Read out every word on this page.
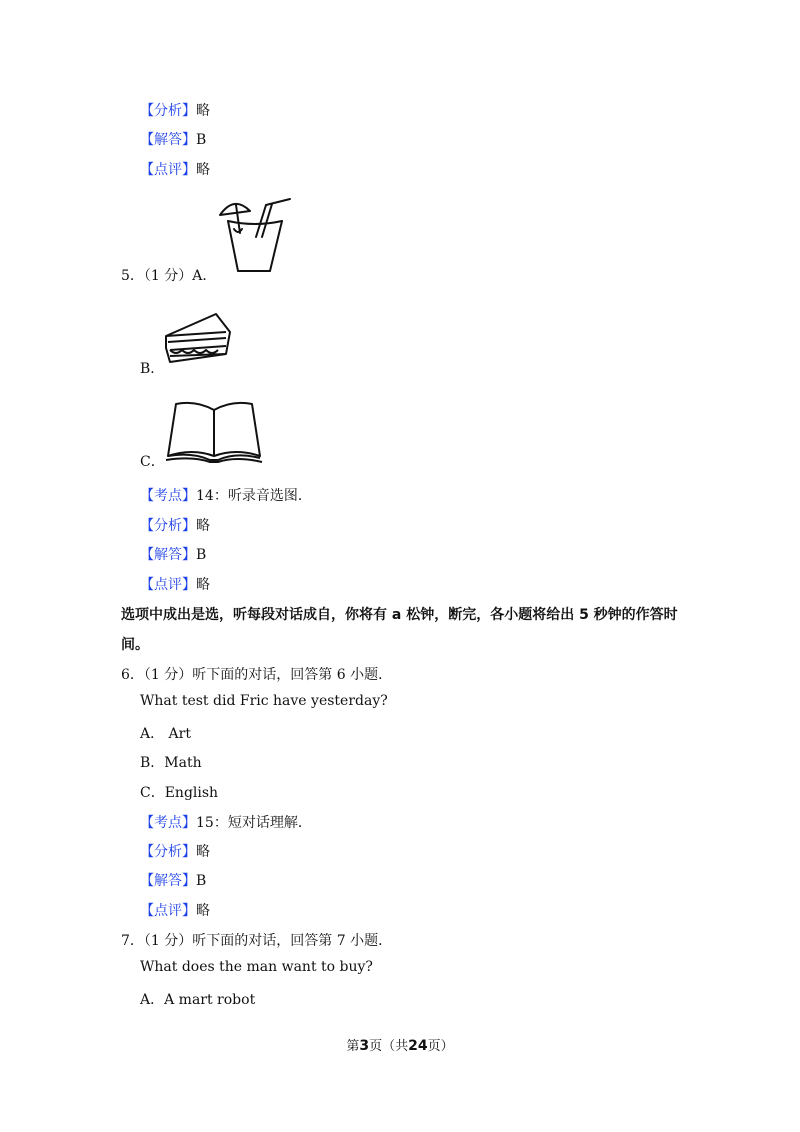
【分析】略
【解答】B
【点评】略
5．（1 分）A．
B．
C．
【考点】14：听录音选图．
【分析】略
【解答】B
【点评】略
选项中成出是选，听每段对话成自，你将有 a 松钟，断完，各小题将给出 5 秒钟的作答时
间。
6．（1 分）听下面的对话，回答第 6 小题．
What test did Fric have yesterday?
A． Art
B．Math
C．English
【考点】15：短对话理解．
【分析】略
【解答】B
【点评】略
7．（1 分）听下面的对话，回答第 7 小题．
What does the man want to buy?
A．A mart robot
第3页（共24页）
